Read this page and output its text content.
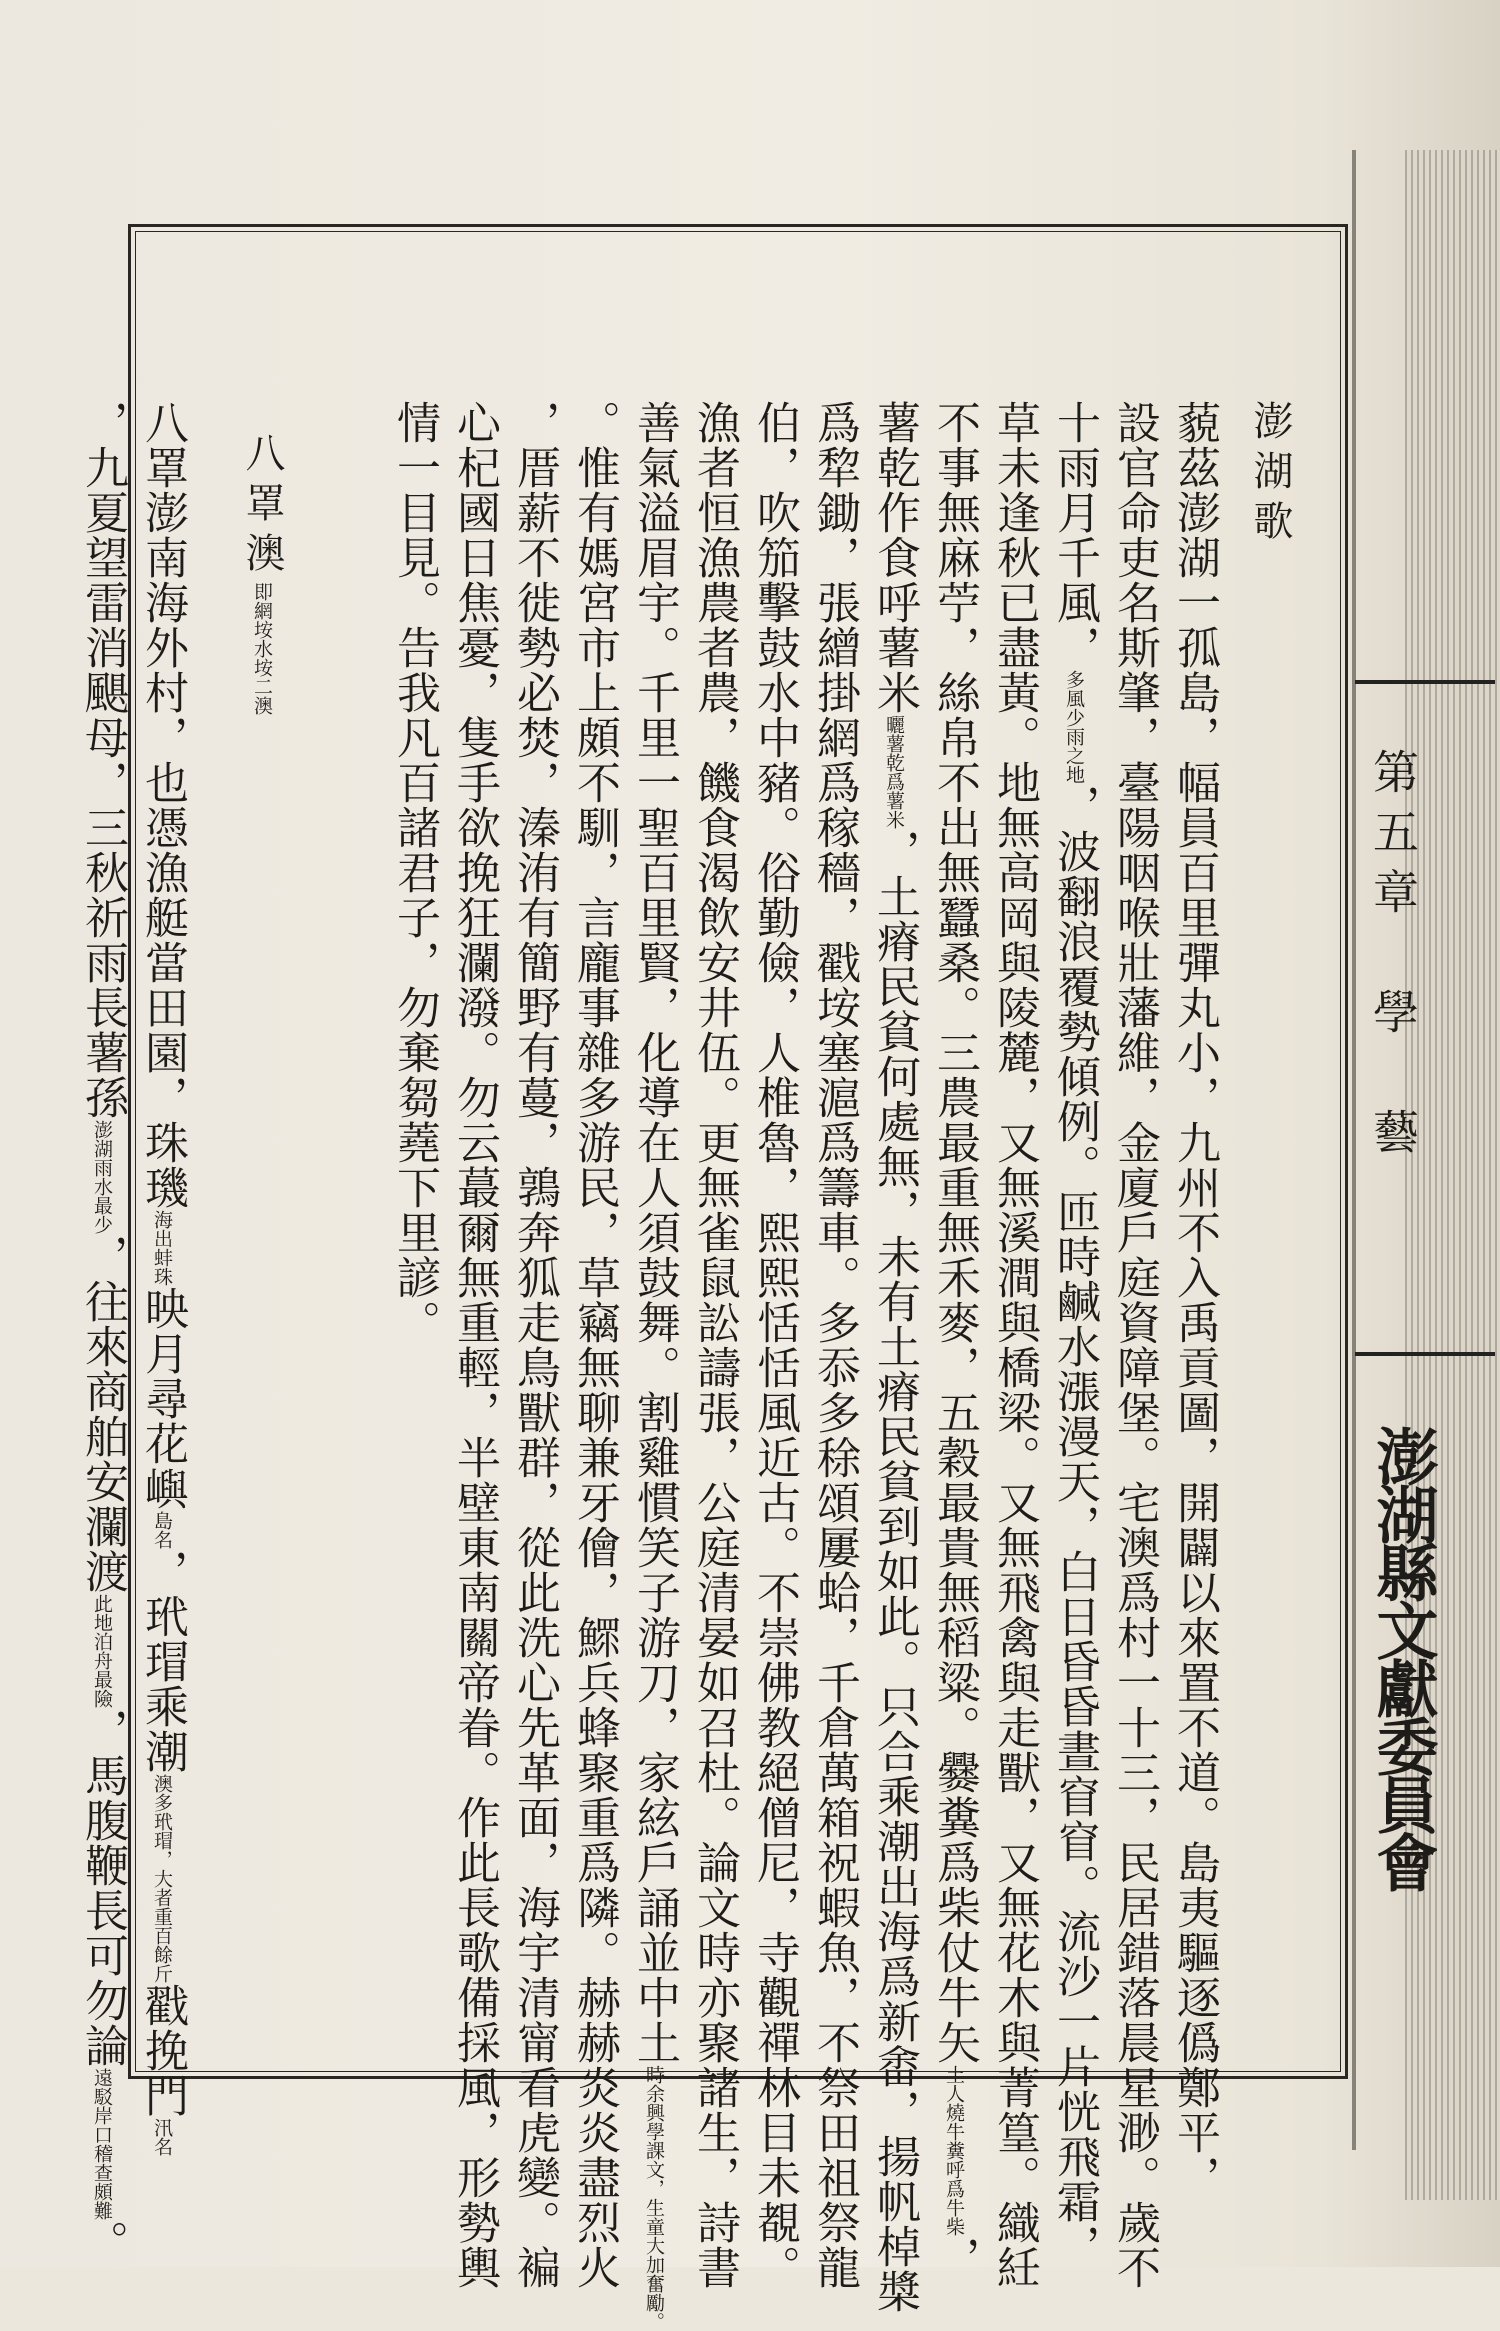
第五章　學　藝
澎湖縣文獻委員會
澎湖歌
藐茲澎湖一孤島，幅員百里彈丸小，九州不入禹貢圖，開闢以來置不道。島夷驅逐僞鄭平，
設官命吏名斯肇，臺陽咽喉壯藩維，金廈戶庭資障堡。宅澳爲村一十三，民居錯落晨星渺。歲不
十雨月千風，多風少雨之地，波翻浪覆勢傾例。匝時鹹水漲漫天，白日昏昏晝窅窅。流沙一片恍飛霜，
草未逢秋已盡黃。地無高岡與陵麓，又無溪澗與橋梁。又無飛禽與走獸，又無花木與菁篁。織紝
不事無麻苧，絲帛不出無蠶桑。三農最重無禾麥，五穀最貴無稻粱。爨糞爲柴仗牛矢土人燒牛糞呼爲牛柴，
薯乾作食呼薯米曬薯乾爲薯米，土瘠民貧何處無，未有土瘠民貧到如此。只合乘潮出海爲新畬，揚帆棹槳
爲犂鋤，張繒掛網爲稼穡，戳垵塞滬爲籌車。多忝多稌頌屢蛤，千倉萬箱祝蝦魚，不祭田祖祭龍
伯，吹笳擊鼓水中豬。俗勤儉，人椎魯，熙熙恬恬風近古。不崇佛教絕僧尼，寺觀禪林目未覩。
漁者恒漁農者農，饑食渴飲安井伍。更無雀鼠訟譸張，公庭清晏如召杜。論文時亦聚諸生，詩書
善氣溢眉宇。千里一聖百里賢，化導在人須鼓舞。割雞慣笑子游刀，家絃戶誦並中土時余興學課文，生童大加奮勵。
。惟有媽宮市上頗不馴，言龐事雜多游民，草竊無聊兼牙儈，鰥兵蜂聚重爲隣。赫赫炎炎盡烈火
，厝薪不徙勢必焚，溱洧有簡野有蔓，鶉奔狐走鳥獸群，從此洗心先革面，海宇清甯看虎變。褊
心杞國日焦憂，隻手欲挽狂瀾潑。勿云蕞爾無重輕，半壁東南關帝眷。作此長歌備採風，形勢輿
情一目見。告我凡百諸君子，勿棄芻蕘下里諺。
八罩澳即網垵水垵二澳
八罩澎南海外村，也憑漁艇當田園，珠璣海出蚌珠映月尋花嶼島名，玳瑁乘潮澳多玳瑁，大者重百餘斤戳挽門汛名
，九夏望雷消颶母，三秋祈雨長薯孫澎湖雨水最少，往來商舶安瀾渡此地泊舟最險，馬腹鞭長可勿論遠駁岸口稽查頗難。
